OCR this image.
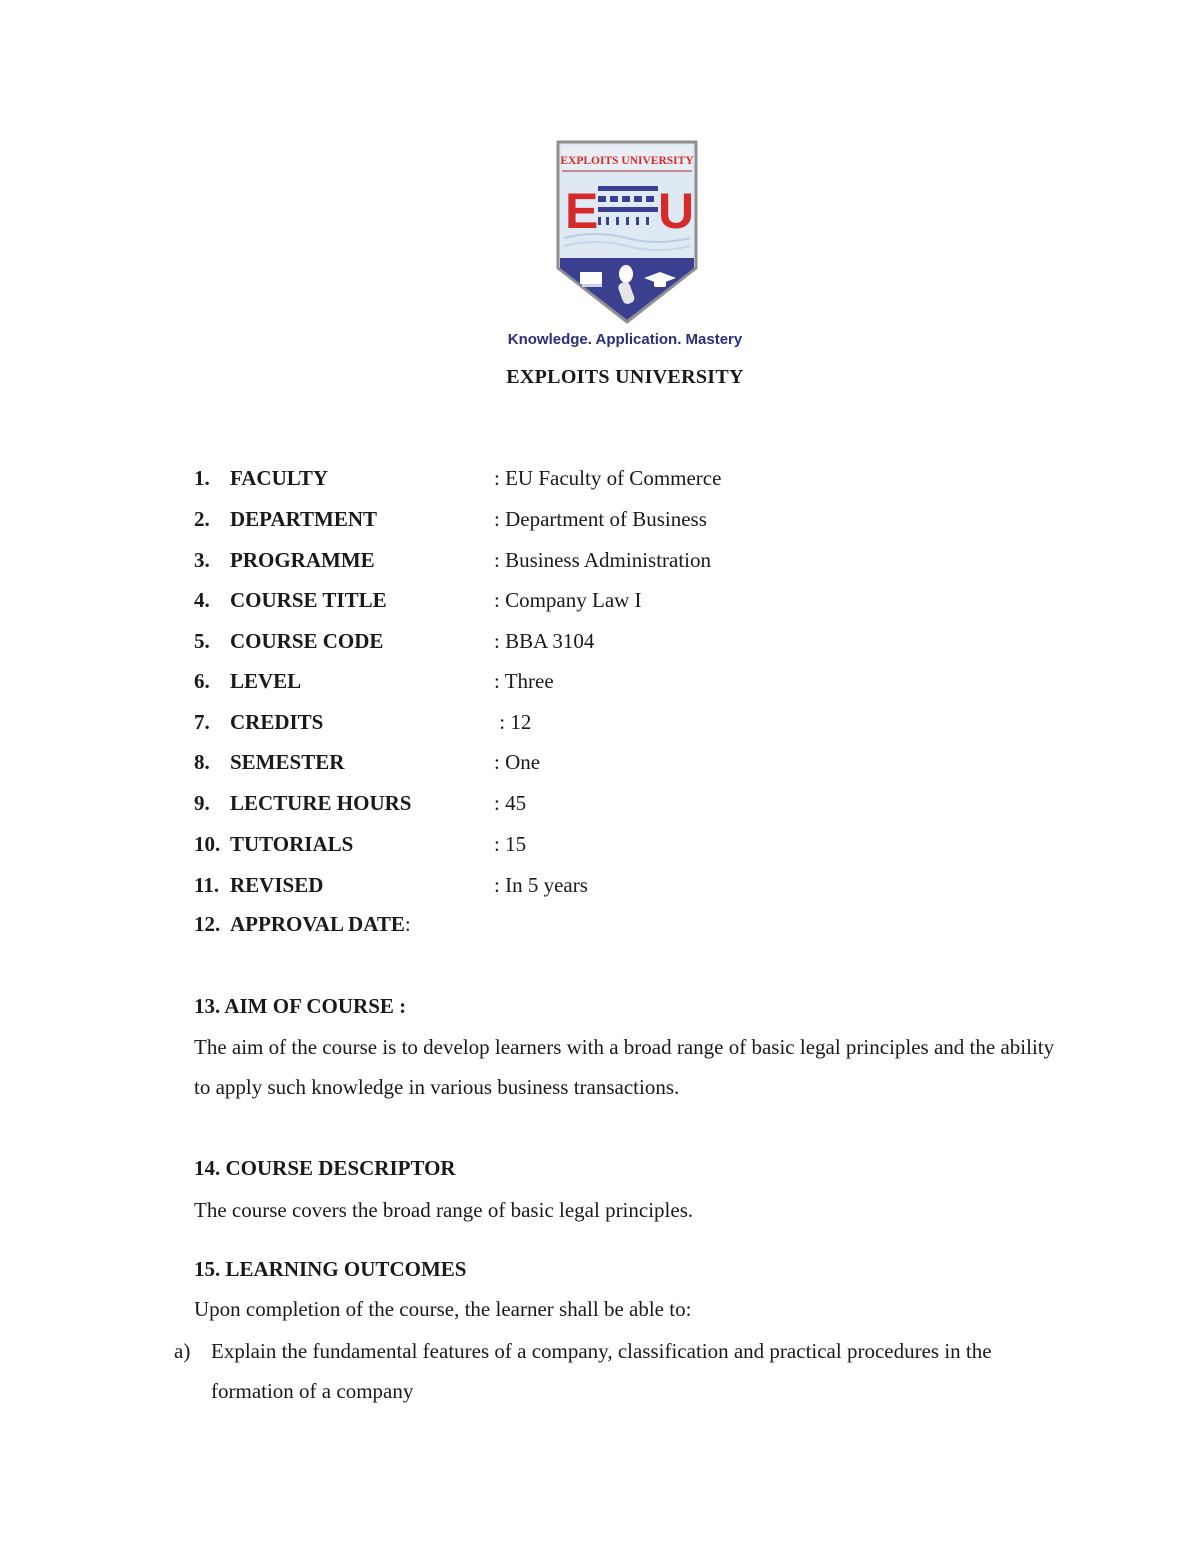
EXPLOITS UNIVERSITY
E U
Knowledge. Application. Mastery
EXPLOITS UNIVERSITY
1. FACULTY	: EU Faculty of Commerce
2. DEPARTMENT	: Department of Business
3. PROGRAMME	: Business Administration
4. COURSE TITLE	: Company Law I
5. COURSE CODE	: BBA 3104
6. LEVEL	: Three
7. CREDITS	: 12
8. SEMESTER	: One
9. LECTURE HOURS	: 45
10. TUTORIALS	: 15
11. REVISED	: In 5 years
12. APPROVAL DATE:
13. AIM OF COURSE :
The aim of the course is to develop learners with a broad range of basic legal principles and the ability to apply such knowledge in various business transactions.
14. COURSE DESCRIPTOR
The course covers the broad range of basic legal principles.
15. LEARNING OUTCOMES
Upon completion of the course, the learner shall be able to:
a) Explain the fundamental features of a company, classification and practical procedures in the formation of a company
